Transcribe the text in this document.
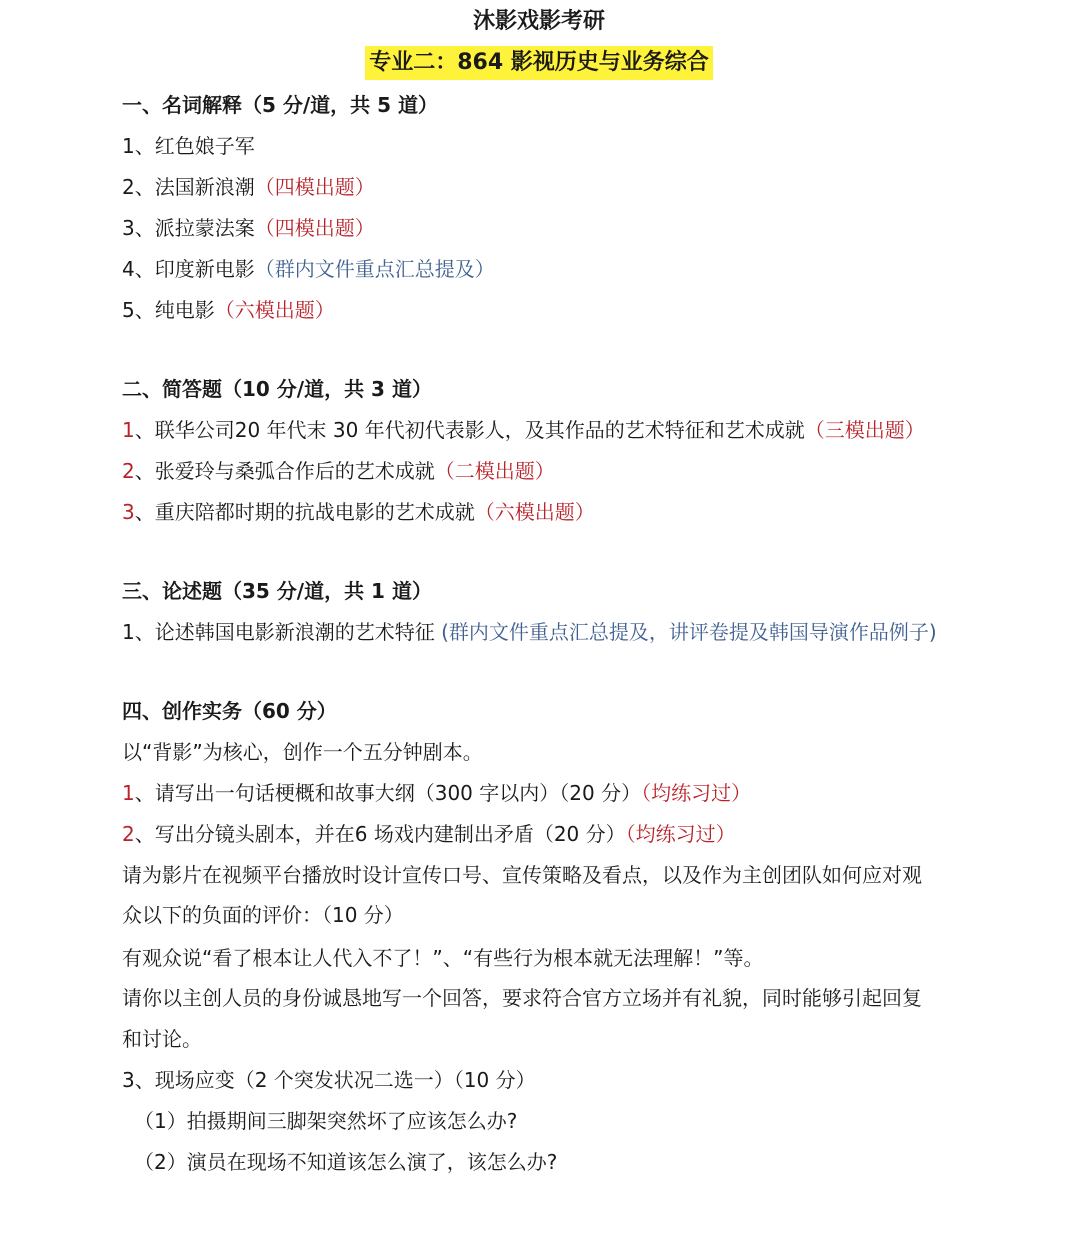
沐影戏影考研
专业二：864 影视历史与业务综合
一、名词解释（5 分/道，共 5 道）
1、红色娘子军
2、法国新浪潮（四模出题）
3、派拉蒙法案（四模出题）
4、印度新电影（群内文件重点汇总提及）
5、纯电影（六模出题）
二、简答题（10 分/道，共 3 道）
1、联华公司20 年代末 30 年代初代表影人，及其作品的艺术特征和艺术成就（三模出题）
2、张爱玲与桑弧合作后的艺术成就（二模出题）
3、重庆陪都时期的抗战电影的艺术成就（六模出题）
三、论述题（35 分/道，共 1 道）
1、论述韩国电影新浪潮的艺术特征 (群内文件重点汇总提及，讲评卷提及韩国导演作品例子)
四、创作实务（60 分）
以“背影”为核心，创作一个五分钟剧本。
1、请写出一句话梗概和故事大纲（300 字以内）（20 分）（均练习过）
2、写出分镜头剧本，并在6 场戏内建制出矛盾（20 分）（均练习过）
请为影片在视频平台播放时设计宣传口号、宣传策略及看点，以及作为主创团队如何应对观
众以下的负面的评价：（10 分）
有观众说“看了根本让人代入不了！”、“有些行为根本就无法理解！”等。
请你以主创人员的身份诚恳地写一个回答，要求符合官方立场并有礼貌，同时能够引起回复
和讨论。
3、现场应变（2 个突发状况二选一）（10 分）
（1）拍摄期间三脚架突然坏了应该怎么办?
（2）演员在现场不知道该怎么演了，该怎么办?
